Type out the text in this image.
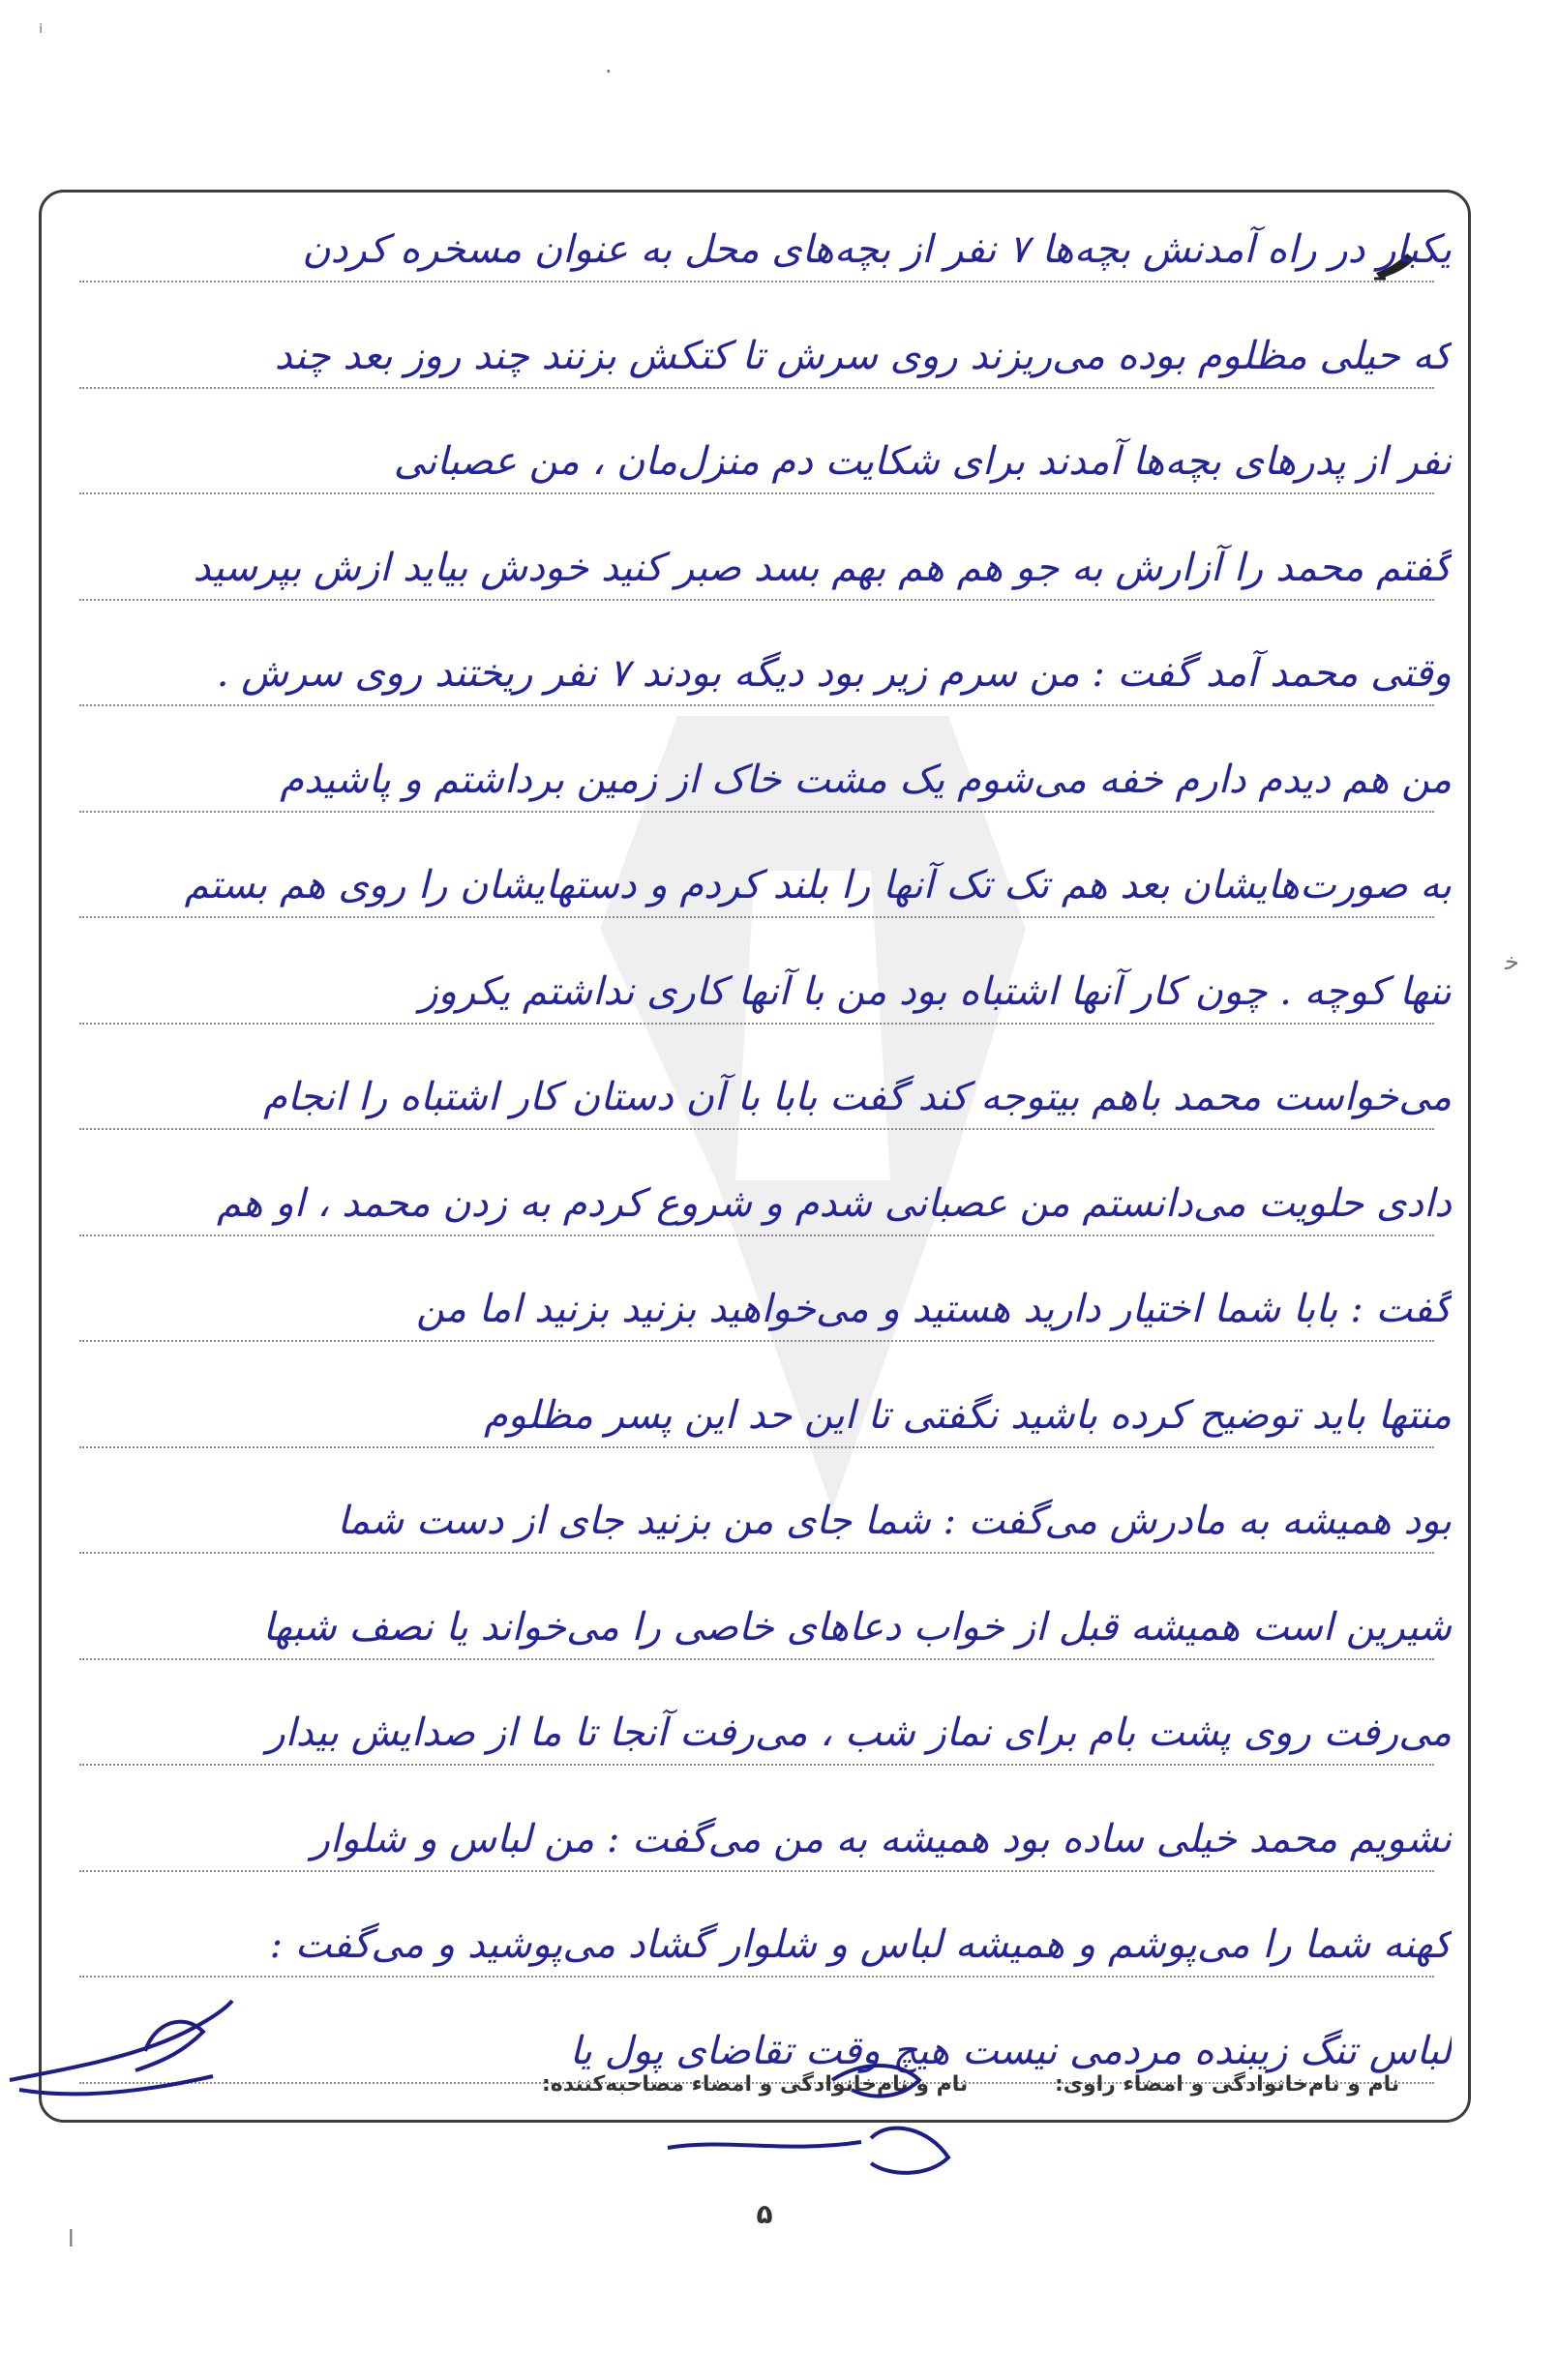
یکبار در راه آمدنش بچه‌ها ۷ نفر از بچه‌های محل به عنوان مسخره کردن
که حیلی مظلوم بوده می‌ریزند روی سرش تا کتکش بزنند چند روز بعد چند
نفر از پدرهای بچه‌ها آمدند برای شکایت دم منزل‌مان ، من عصبانی
گفتم محمد را آزارش به جو هم هم بهم بسد صبر کنید خودش بیاید ازش بپرسید
وقتی محمد آمد گفت : من سرم زیر بود دیگه بودند ۷ نفر ریختند روی سرش .
من هم دیدم دارم خفه می‌شوم یک مشت خاک از زمین برداشتم و پاشیدم
به صورت‌هایشان بعد هم تک تک آنها را بلند کردم و دستهایشان را روی هم بستم
تنها کوچه . چون کار آنها اشتباه بود من با آنها کاری نداشتم یکروز
می‌خواست محمد باهم بیتوجه کند گفت بابا با آن دستان کار اشتباه را انجام
دادی حلویت می‌دانستم من عصبانی شدم و شروع کردم به زدن محمد ، او هم
گفت : بابا شما اختیار دارید هستید و می‌خواهید بزنید بزنید اما من
منتها باید توضیح کرده باشید نگفتی تا این حد این پسر مظلوم
بود همیشه به مادرش می‌گفت : شما جای من بزنید جای از دست شما
شیرین است همیشه قبل از خواب دعاهای خاصی را می‌خواند یا نصف شبها
می‌رفت روی پشت بام برای نماز شب ، می‌رفت آنجا تا ما از صدایش بیدار
نشویم محمد خیلی ساده بود همیشه به من می‌گفت : من لباس و شلوار
کهنه شما را می‌پوشم و همیشه لباس و شلوار گشاد می‌پوشید و می‌گفت :
لباس تنگ زیبنده مردمی نیست هیچ وقت تقاضای پول یا
نام و نام‌خانوادگی و امضاء مصاحبه‌کننده:	نام و نام‌خانوادگی و امضاء راوی:
۵
ﺧ
ⁱ
·
ا
